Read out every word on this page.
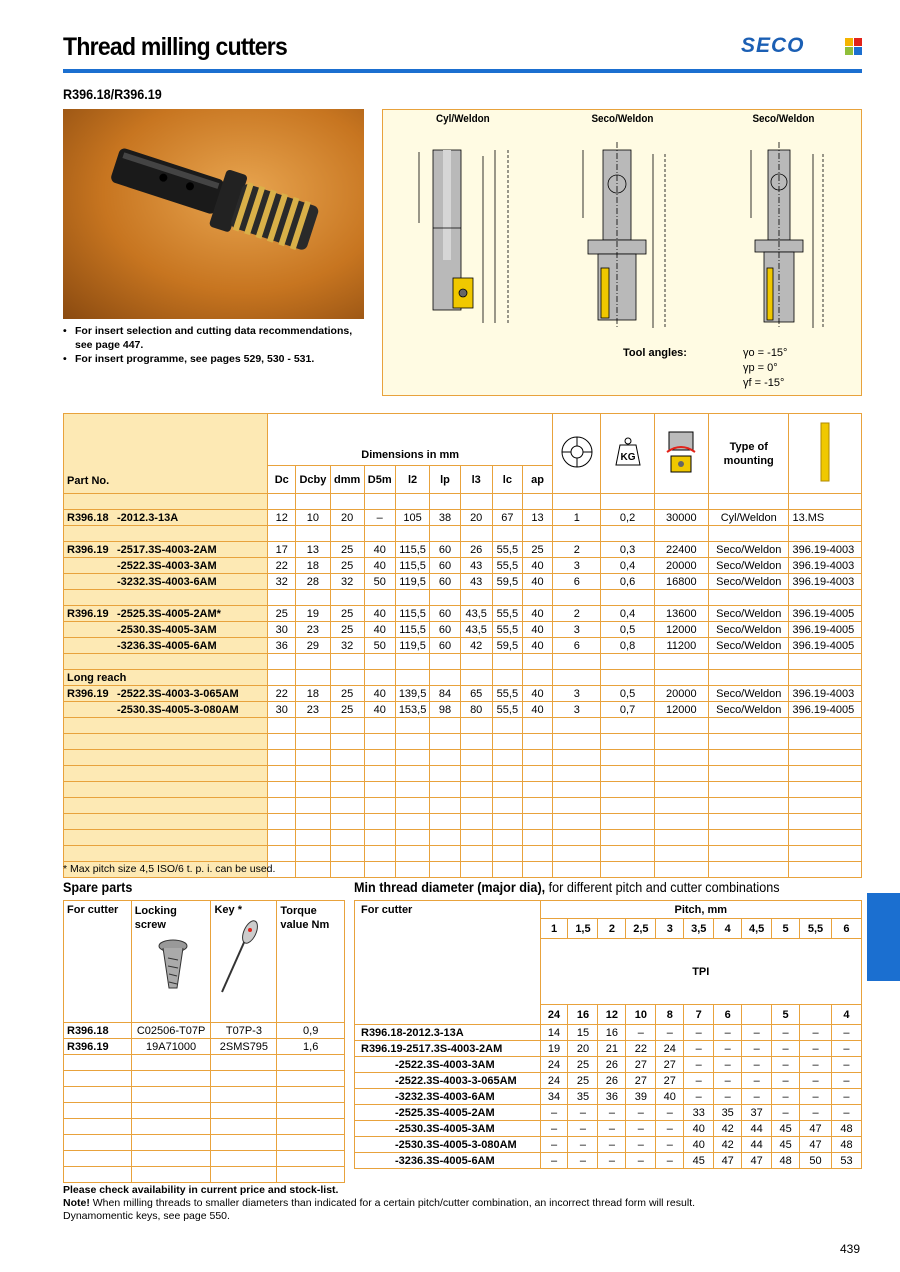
Thread milling cutters	SECO
R396.18/R396.19
• For insert selection and cutting data recommendations, see page 447.
• For insert programme, see pages 529, 530 - 531.
Cyl/Weldon	Seco/Weldon	Seco/Weldon
Tool angles:	γo = -15°
γp = 0°
γf = -15°
Part No.	Dimensions in mm										KG		Type of mounting	
	Dc	Dcby	dmm	D5m	l2	lp	l3	lc	ap					

R396.18 -2012.3-13A	12	10	20	–	105	38	20	67	13	1	0,2	30000	Cyl/Weldon	13.MS

R396.19 -2517.3S-4003-2AM	17	13	25	40	115,5	60	26	55,5	25	2	0,3	22400	Seco/Weldon	396.19-4003
-2522.3S-4003-3AM	22	18	25	40	115,5	60	43	55,5	40	3	0,4	20000	Seco/Weldon	396.19-4003
-3232.3S-4003-6AM	32	28	32	50	119,5	60	43	59,5	40	6	0,6	16800	Seco/Weldon	396.19-4003

R396.19 -2525.3S-4005-2AM*	25	19	25	40	115,5	60	43,5	55,5	40	2	0,4	13600	Seco/Weldon	396.19-4005
-2530.3S-4005-3AM	30	23	25	40	115,5	60	43,5	55,5	40	3	0,5	12000	Seco/Weldon	396.19-4005
-3236.3S-4005-6AM	36	29	32	50	119,5	60	42	59,5	40	6	0,8	11200	Seco/Weldon	396.19-4005

Long reach														
R396.19 -2522.3S-4003-3-065AM	22	18	25	40	139,5	84	65	55,5	40	3	0,5	20000	Seco/Weldon	396.19-4003
-2530.3S-4005-3-080AM	30	23	25	40	153,5	98	80	55,5	40	3	0,7	12000	Seco/Weldon	396.19-4005

* Max pitch size 4,5 ISO/6 t. p. i. can be used.
Spare parts	Min thread diameter (major dia), for different pitch and cutter combinations
For cutter	Locking screw	Key *	Torque value Nm
R396.18	C02506-T07P	T07P-3	0,9
R396.19	19A71000	2SMS795	1,6

For cutter	Pitch, mm										
	1	1,5	2	2,5	3	3,5	4	4,5	5	5,5	6
	TPI										
	24	16	12	10	8	7	6		5		4
R396.18-2012.3-13A	14	15	16	–	–	–	–	–	–	–	–
R396.19-2517.3S-4003-2AM	19	20	21	22	24	–	–	–	–	–	–
-2522.3S-4003-3AM	24	25	26	27	27	–	–	–	–	–	–
-2522.3S-4003-3-065AM	24	25	26	27	27	–	–	–	–	–	–
-3232.3S-4003-6AM	34	35	36	39	40	–	–	–	–	–	–
-2525.3S-4005-2AM	–	–	–	–	–	33	35	37	–	–	–
-2530.3S-4005-3AM	–	–	–	–	–	40	42	44	45	47	48
-2530.3S-4005-3-080AM	–	–	–	–	–	40	42	44	45	47	48
-3236.3S-4005-6AM	–	–	–	–	–	45	47	47	48	50	53
Please check availability in current price and stock-list.
Note! When milling threads to smaller diameters than indicated for a certain pitch/cutter combination, an incorrect thread form will result.
Dynamomentic keys, see page 550.
439
